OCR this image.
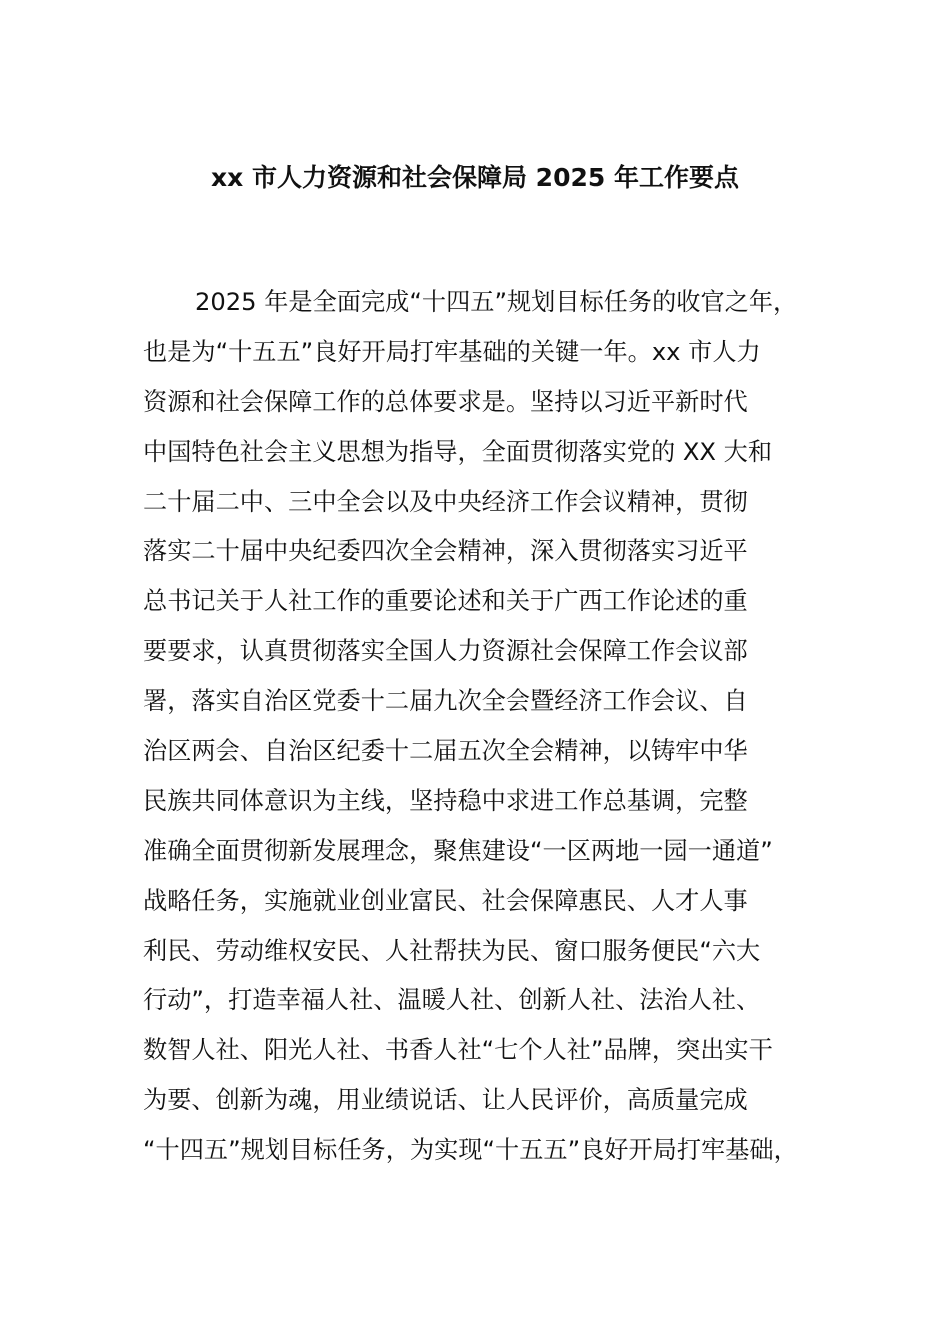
xx 市人力资源和社会保障局 2025 年工作要点
2025 年是全面完成“十四五”规划目标任务的收官之年，
也是为“十五五”良好开局打牢基础的关键一年。xx 市人力
资源和社会保障工作的总体要求是。坚持以习近平新时代
中国特色社会主义思想为指导，全面贯彻落实党的 XX 大和
二十届二中、三中全会以及中央经济工作会议精神，贯彻
落实二十届中央纪委四次全会精神，深入贯彻落实习近平
总书记关于人社工作的重要论述和关于广西工作论述的重
要要求，认真贯彻落实全国人力资源社会保障工作会议部
署，落实自治区党委十二届九次全会暨经济工作会议、自
治区两会、自治区纪委十二届五次全会精神，以铸牢中华
民族共同体意识为主线，坚持稳中求进工作总基调，完整
准确全面贯彻新发展理念，聚焦建设“一区两地一园一通道”
战略任务，实施就业创业富民、社会保障惠民、人才人事
利民、劳动维权安民、人社帮扶为民、窗口服务便民“六大
行动”，打造幸福人社、温暖人社、创新人社、法治人社、
数智人社、阳光人社、书香人社“七个人社”品牌，突出实干
为要、创新为魂，用业绩说话、让人民评价，高质量完成
“十四五”规划目标任务，为实现“十五五”良好开局打牢基础，
